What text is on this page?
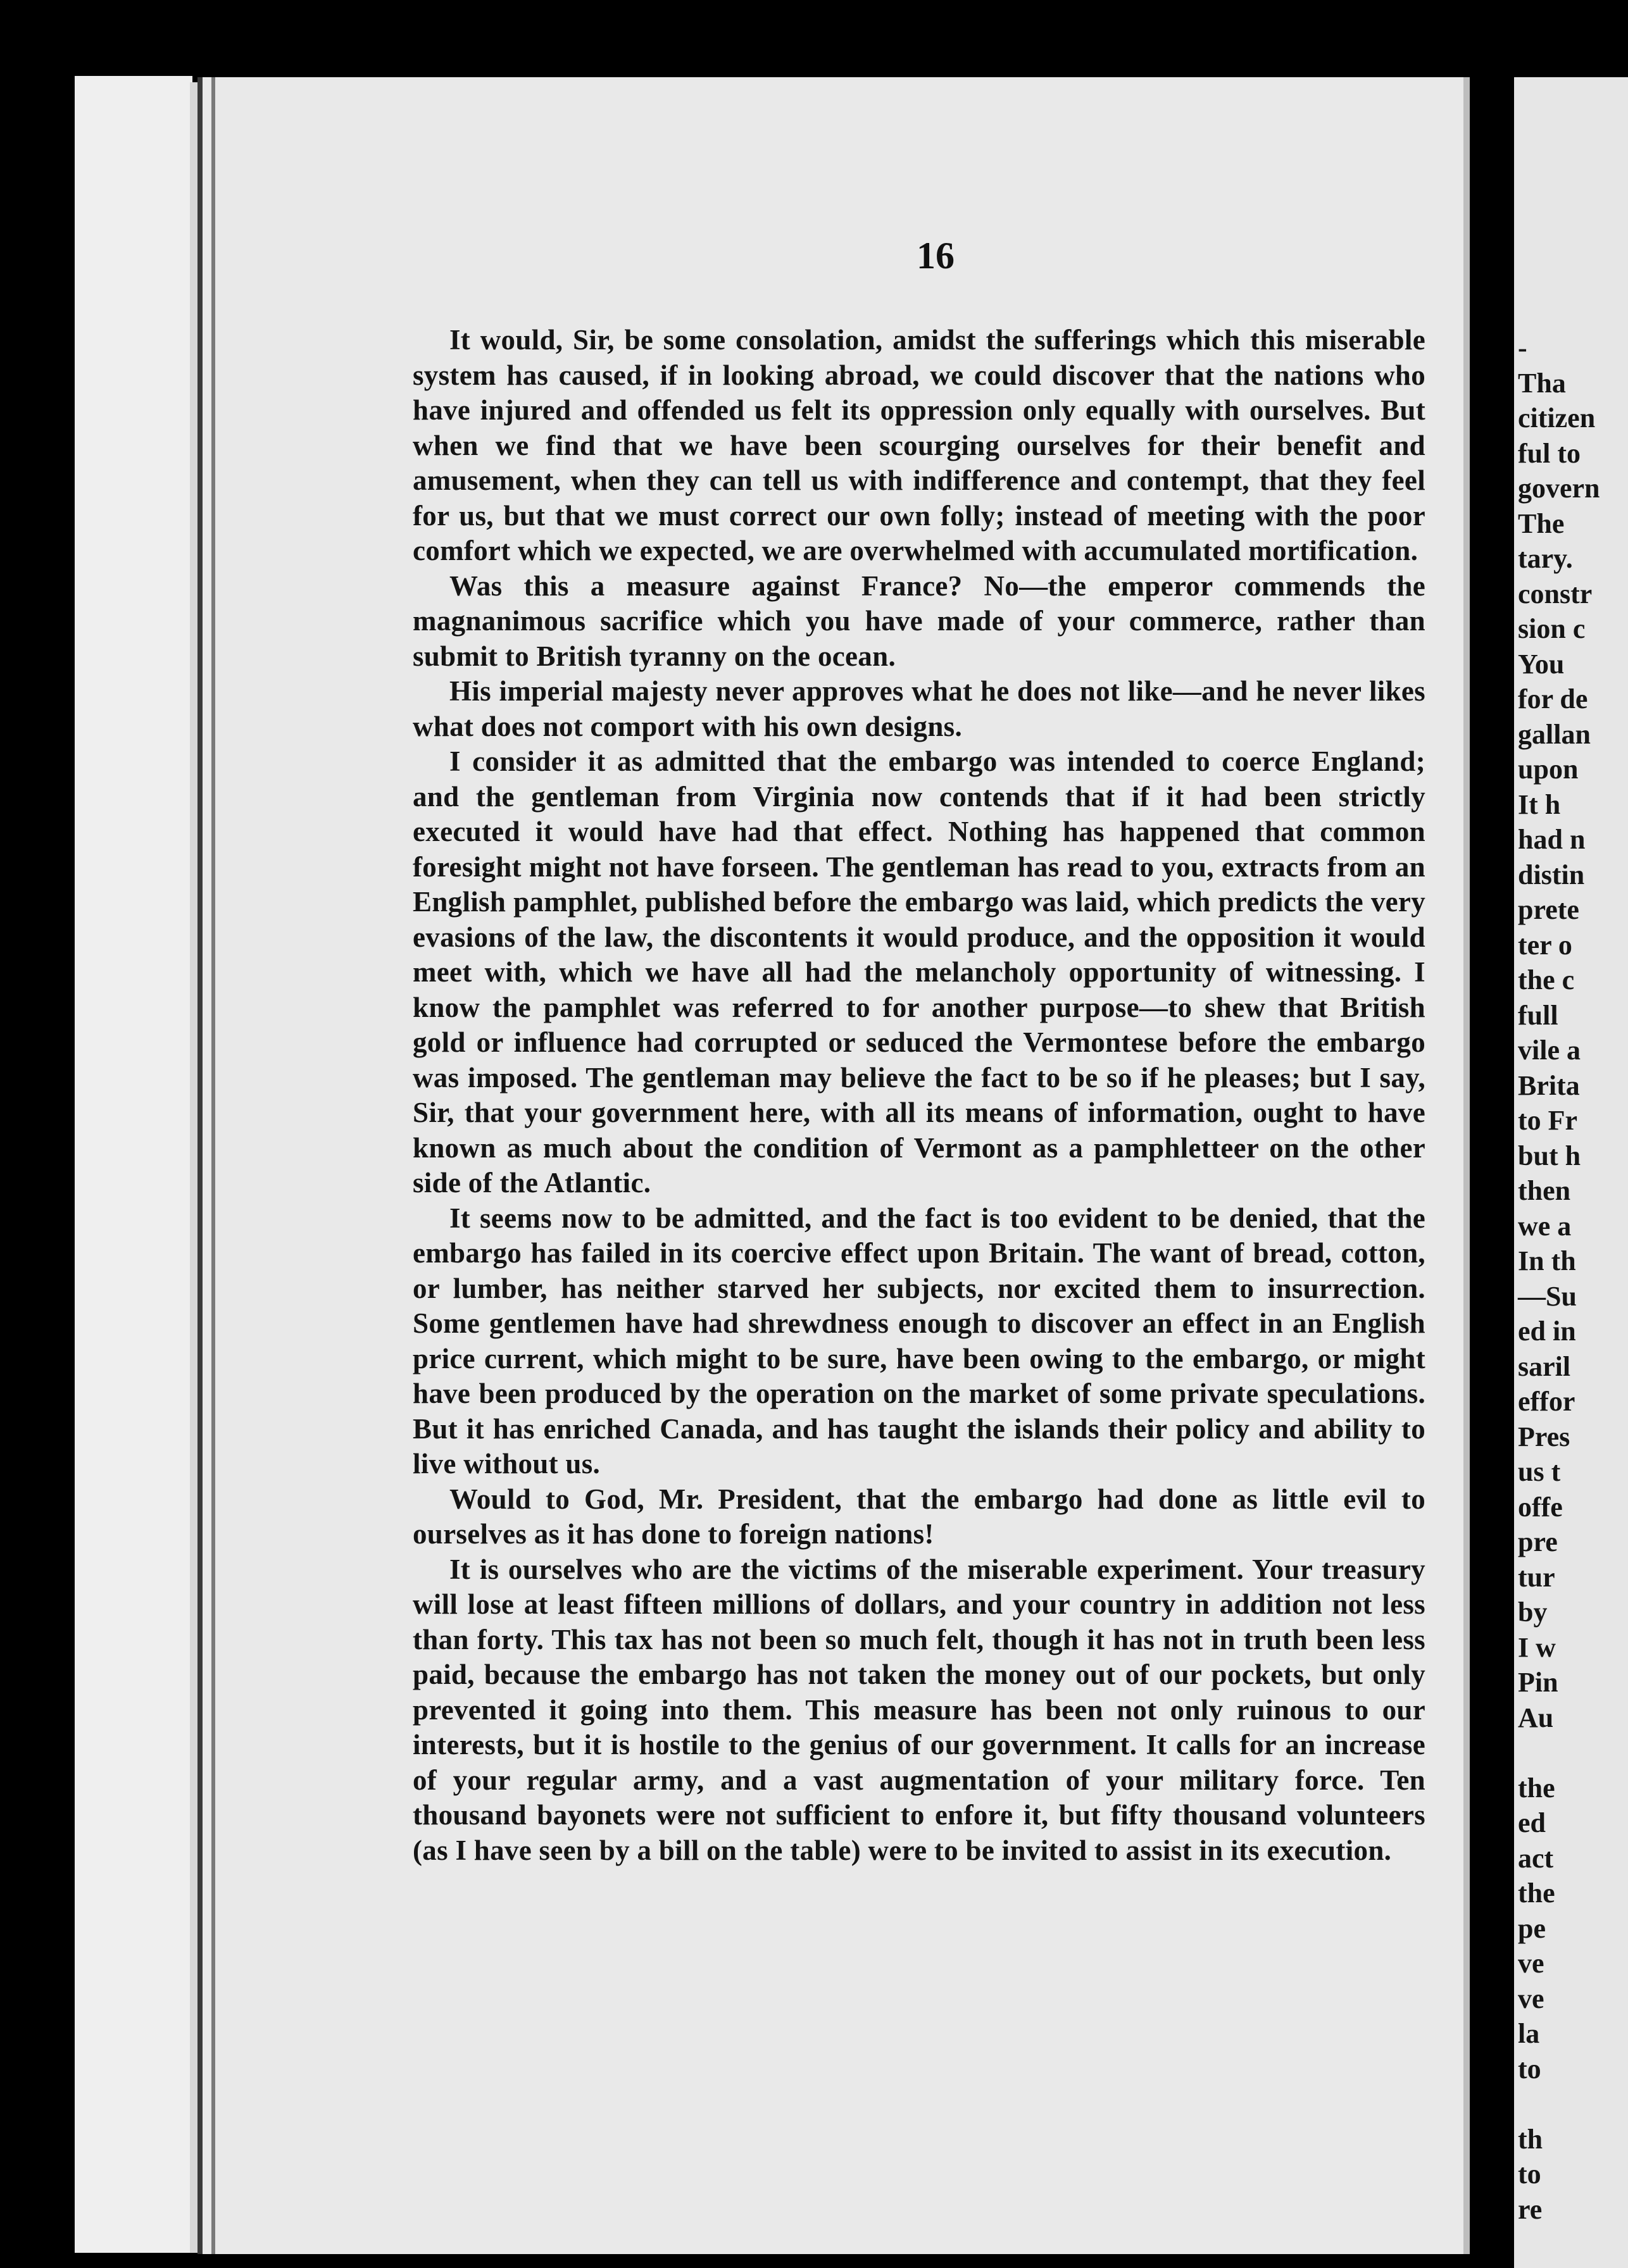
16

It would, Sir, be some consolation, amidst the sufferings which this miserable system has caused, if in looking abroad, we could discover that the nations who have injured and offended us felt its oppression only equally with ourselves. But when we find that we have been scourging ourselves for their benefit and amusement, when they can tell us with indifference and contempt, that they feel for us, but that we must correct our own folly; instead of meeting with the poor comfort which we expected, we are overwhelmed with accumulated mortification.

Was this a measure against France? No—the emperor commends the magnanimous sacrifice which you have made of your commerce, rather than submit to British tyranny on the ocean.

His imperial majesty never approves what he does not like—and he never likes what does not comport with his own designs.

I consider it as admitted that the embargo was intended to coerce England; and the gentleman from Virginia now contends that if it had been strictly executed it would have had that effect. Nothing has happened that common foresight might not have forseen. The gentleman has read to you, extracts from an English pamphlet, published before the embargo was laid, which predicts the very evasions of the law, the discontents it would produce, and the opposition it would meet with, which we have all had the melancholy opportunity of witnessing. I know the pamphlet was referred to for another purpose—to shew that British gold or influence had corrupted or seduced the Vermontese before the embargo was imposed. The gentleman may believe the fact to be so if he pleases; but I say, Sir, that your government here, with all its means of information, ought to have known as much about the condition of Vermont as a pamphletteer on the other side of the Atlantic.

It seems now to be admitted, and the fact is too evident to be denied, that the embargo has failed in its coercive effect upon Britain. The want of bread, cotton, or lumber, has neither starved her subjects, nor excited them to insurrection. Some gentlemen have had shrewdness enough to discover an effect in an English price current, which might to be sure, have been owing to the embargo, or might have been produced by the operation on the market of some private speculations. But it has enriched Canada, and has taught the islands their policy and ability to live without us.

Would to God, Mr. President, that the embargo had done as little evil to ourselves as it has done to foreign nations!

It is ourselves who are the victims of the miserable experiment. Your treasury will lose at least fifteen millions of dollars, and your country in addition not less than forty. This tax has not been so much felt, though it has not in truth been less paid, because the embargo has not taken the money out of our pockets, but only prevented it going into them. This measure has been not only ruinous to our interests, but it is hostile to the genius of our government. It calls for an increase of your regular army, and a vast augmentation of your military force. Ten thousand bayonets were not sufficient to enfore it, but fifty thousand volunteers (as I have seen by a bill on the table) were to be invited to assist in its execution.

-
Tha
citizen
ful to
govern
The
tary.
constr
sion c
You
for de
gallan
upon
It h
had n
distin
prete
ter o
the c
full
vile a
Brita
to Fr
but h
then
we a
In th
—Su
ed in
saril
effor
Pres
us t
offe
pre
tur
by
I w
Pin
Au
the
ed
act
the
pe
ve
ve
la
to
th
to
re
